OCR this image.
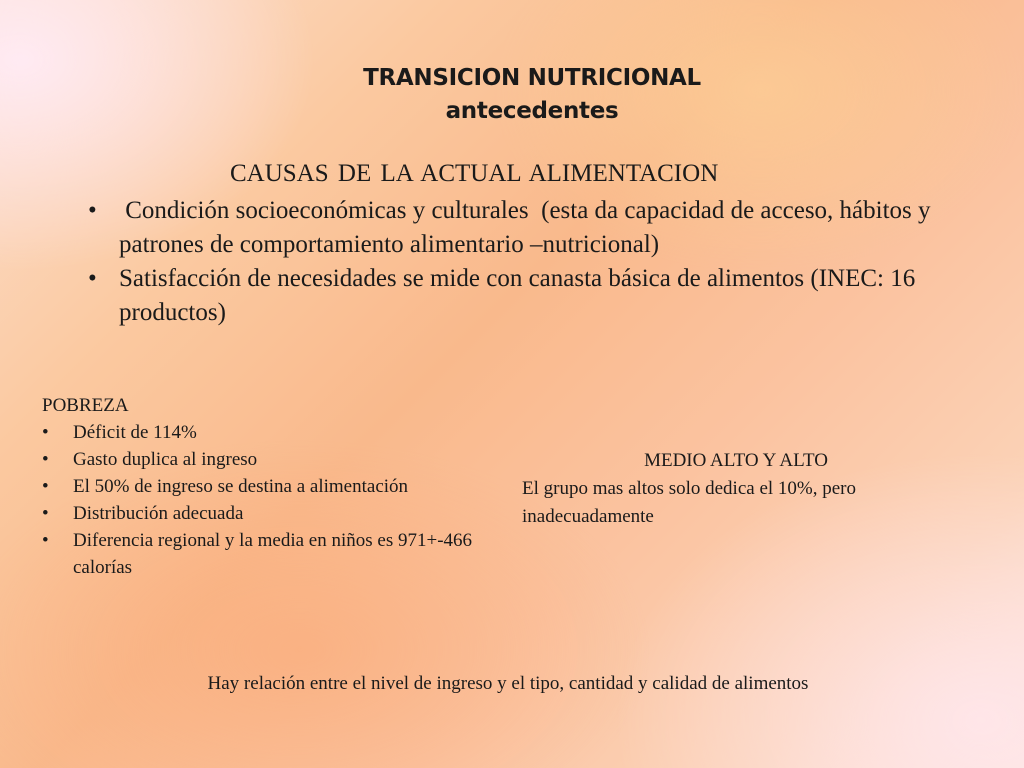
TRANSICION NUTRICIONAL
antecedentes
CAUSAS DE LA ACTUAL ALIMENTACION
• Condición socioeconómicas y culturales  (esta da capacidad de acceso, hábitos y patrones de comportamiento alimentario –nutricional)
• Satisfacción de necesidades se mide con canasta básica de alimentos (INEC: 16 productos)
POBREZA
• Déficit de 114%
• Gasto duplica al ingreso
• El 50% de ingreso se destina a alimentación
• Distribución adecuada
• Diferencia regional y la media en niños es 971+-466 calorías
MEDIO ALTO Y ALTO
El grupo mas altos solo dedica el 10%, pero inadecuadamente
Hay relación entre el nivel de ingreso y el tipo, cantidad y calidad de alimentos
